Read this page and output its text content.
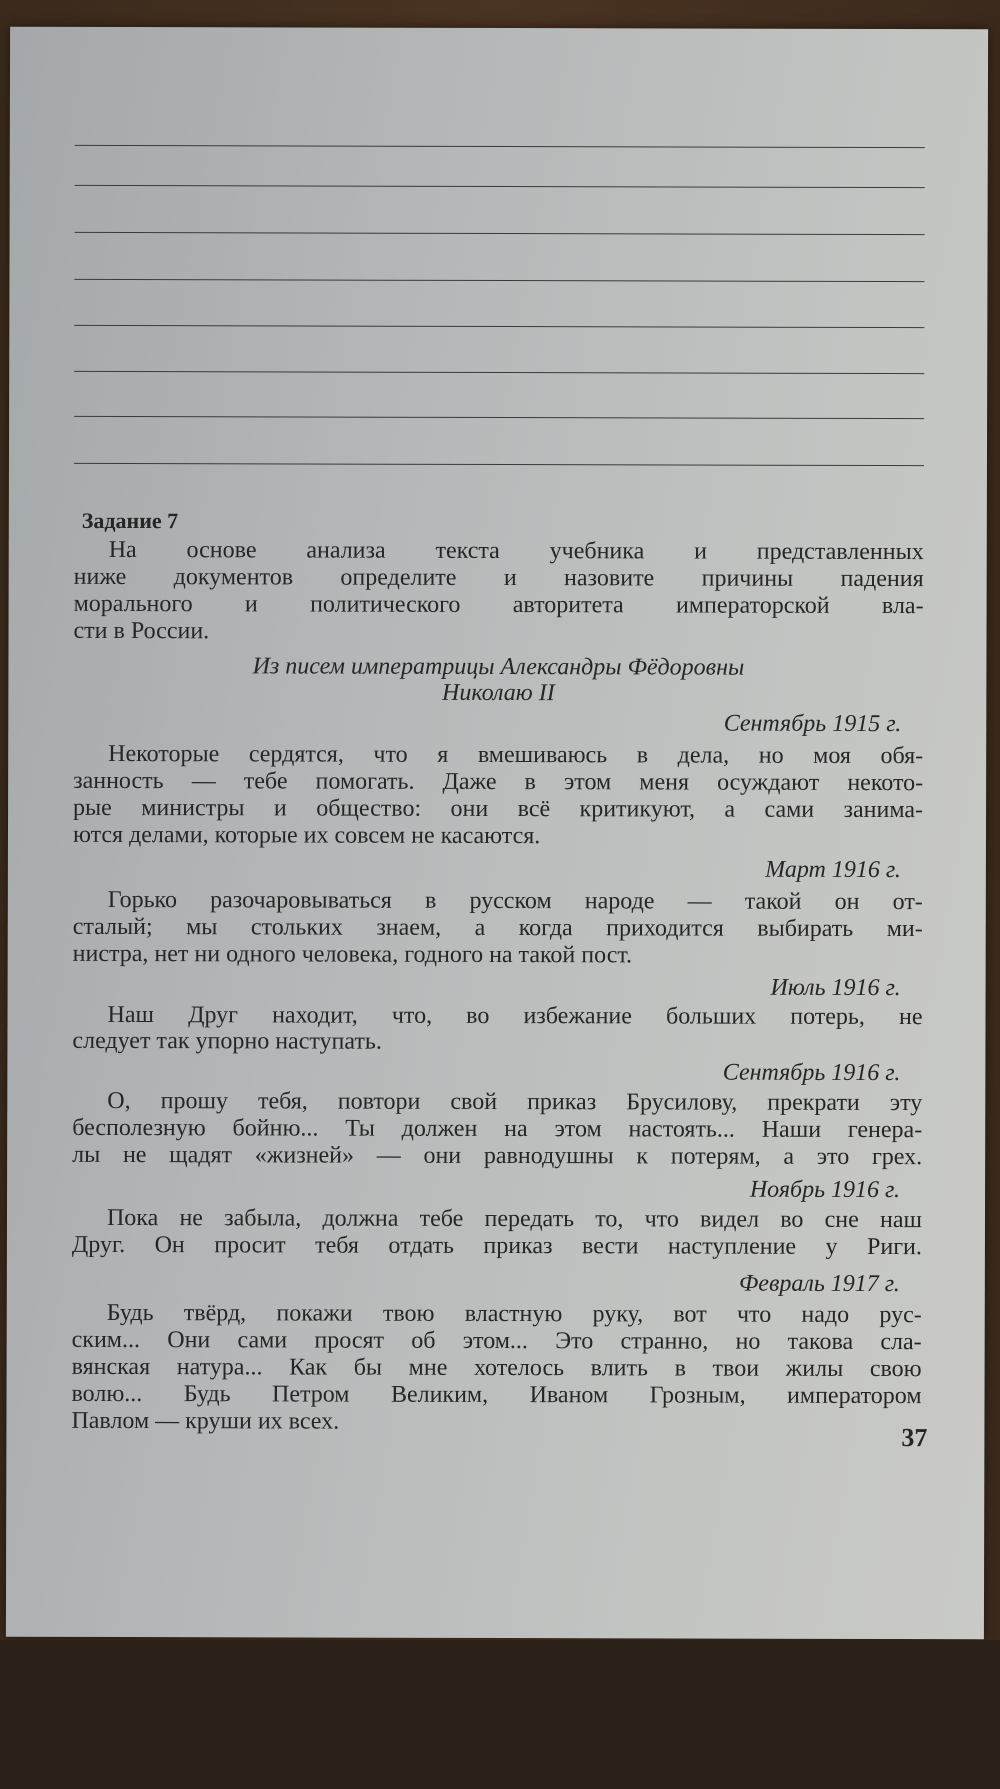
Задание 7
На основе анализа текста учебника и представленных
ниже документов определите и назовите причины падения
морального и политического авторитета императорской вла-
сти в России.
Из писем императрицы Александры Фёдоровны
Николаю II
Сентябрь 1915 г.
Некоторые сердятся, что я вмешиваюсь в дела, но моя обя-
занность — тебе помогать. Даже в этом меня осуждают некото-
рые министры и общество: они всё критикуют, а сами занима-
ются делами, которые их совсем не касаются.
Март 1916 г.
Горько разочаровываться в русском народе — такой он от-
сталый; мы стольких знаем, а когда приходится выбирать ми-
нистра, нет ни одного человека, годного на такой пост.
Июль 1916 г.
Наш Друг находит, что, во избежание больших потерь, не
следует так упорно наступать.
Сентябрь 1916 г.
О, прошу тебя, повтори свой приказ Брусилову, прекрати эту
бесполезную бойню... Ты должен на этом настоять... Наши генера-
лы не щадят «жизней» — они равнодушны к потерям, а это грех.
Ноябрь 1916 г.
Пока не забыла, должна тебе передать то, что видел во сне наш
Друг. Он просит тебя отдать приказ вести наступление у Риги.
Февраль 1917 г.
Будь твёрд, покажи твою властную руку, вот что надо рус-
ским... Они сами просят об этом... Это странно, но такова сла-
вянская натура... Как бы мне хотелось влить в твои жилы свою
волю... Будь Петром Великим, Иваном Грозным, императором
Павлом — круши их всех.
37
